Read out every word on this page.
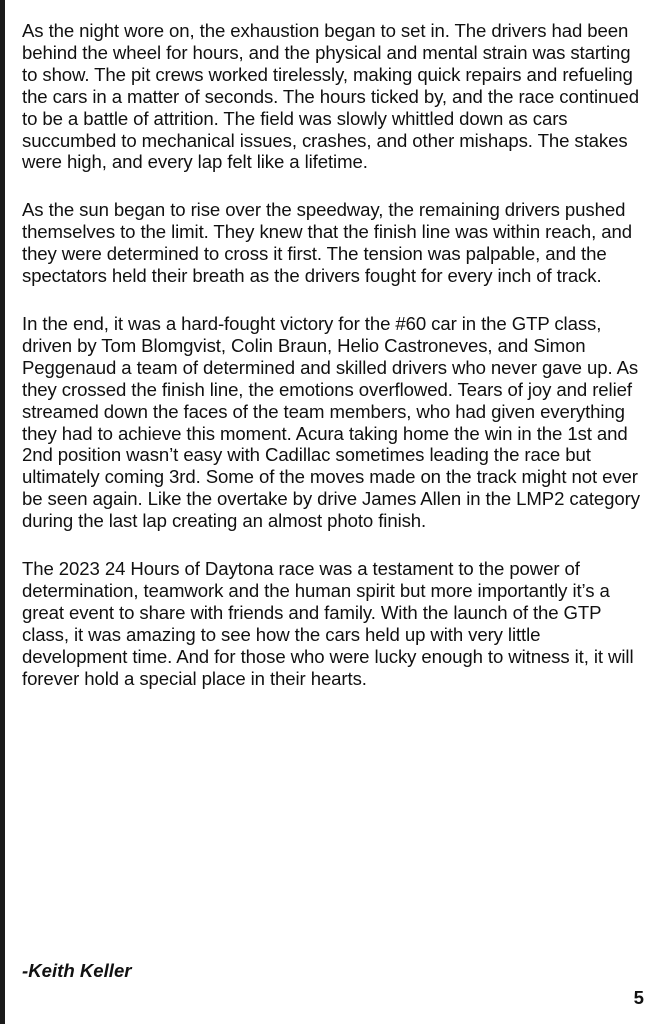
As the night wore on, the exhaustion began to set in. The drivers had been behind the wheel for hours, and the physical and mental strain was starting to show. The pit crews worked tirelessly, making quick repairs and refueling the cars in a matter of seconds. The hours ticked by, and the race continued to be a battle of attrition. The field was slowly whittled down as cars succumbed to mechanical issues, crashes, and other mishaps. The stakes were high, and every lap felt like a lifetime.

As the sun began to rise over the speedway, the remaining drivers pushed themselves to the limit. They knew that the finish line was within reach, and they were determined to cross it first. The tension was palpable, and the spectators held their breath as the drivers fought for every inch of track.

In the end, it was a hard-fought victory for the #60 car in the GTP class, driven by Tom Blomgvist, Colin Braun, Helio Castroneves, and Simon Peggenaud a team of determined and skilled drivers who never gave up. As they crossed the finish line, the emotions overflowed. Tears of joy and relief streamed down the faces of the team members, who had given everything they had to achieve this moment. Acura taking home the win in the 1st and 2nd position wasn’t easy with Cadillac sometimes leading the race but ultimately coming 3rd. Some of the moves made on the track might not ever be seen again. Like the overtake by drive James Allen in the LMP2 category during the last lap creating an almost photo finish.

The 2023 24 Hours of Daytona race was a testament to the power of determination, teamwork and the human spirit but more importantly it’s a great event to share with friends and family. With the launch of the GTP class, it was amazing to see how the cars held up with very little development time. And for those who were lucky enough to witness it, it will forever hold a special place in their hearts.

-Keith Keller

5
